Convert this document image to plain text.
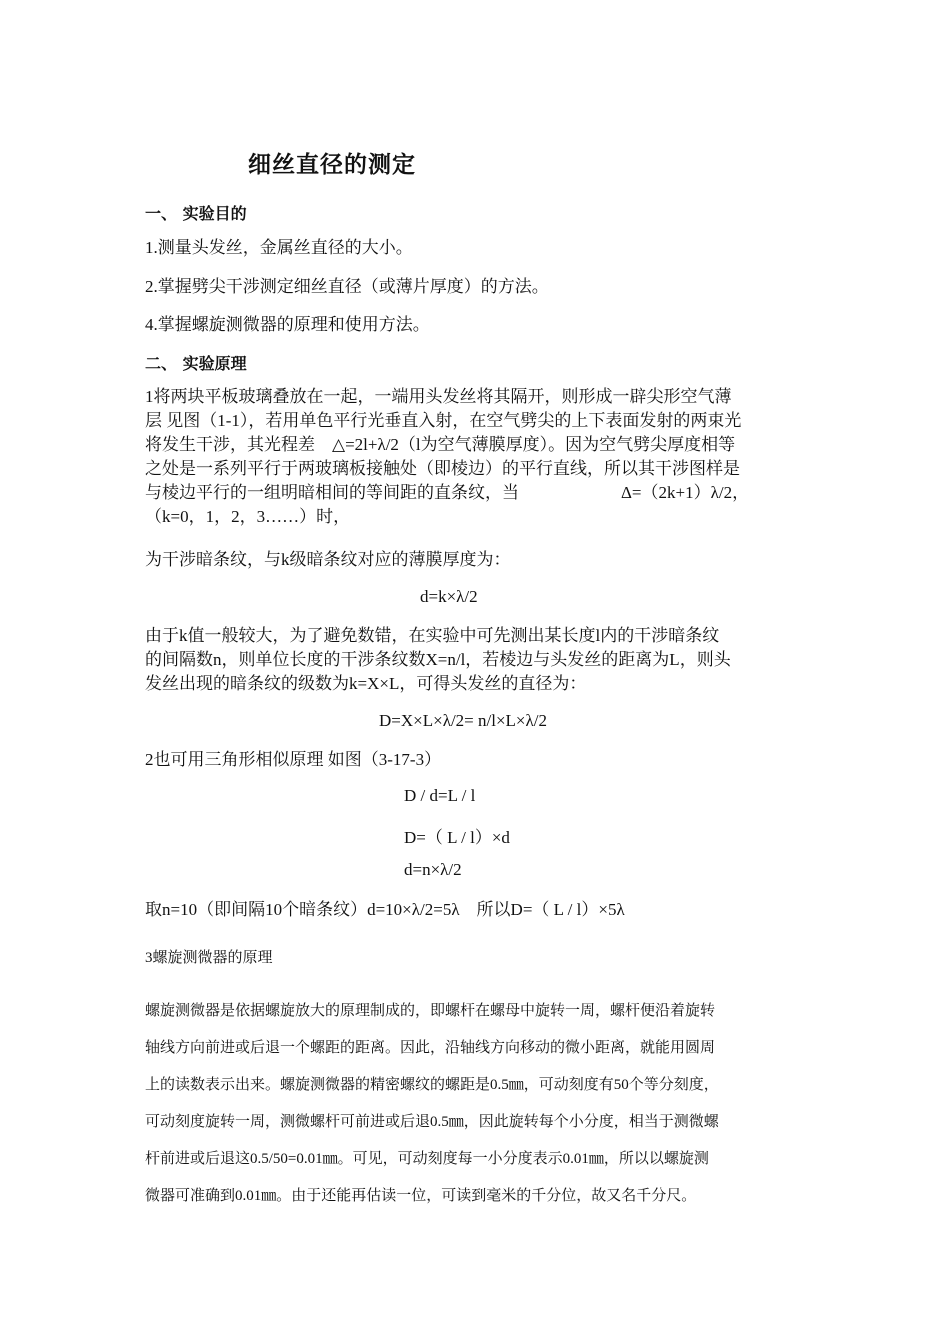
细丝直径的测定
一、 实验目的
1.测量头发丝，金属丝直径的大小。
2.掌握劈尖干涉测定细丝直径（或薄片厚度）的方法。
4.掌握螺旋测微器的原理和使用方法。
二、 实验原理
1将两块平板玻璃叠放在一起，一端用头发丝将其隔开，则形成一辟尖形空气薄
层 见图（1-1），若用单色平行光垂直入射，在空气劈尖的上下表面发射的两束光
将发生干涉，其光程差　△=2l+λ/2（l为空气薄膜厚度）。因为空气劈尖厚度相等
之处是一系列平行于两玻璃板接触处（即棱边）的平行直线，所以其干涉图样是
与棱边平行的一组明暗相间的等间距的直条纹，当　　　　　　Δ=（2k+1）λ/2，
（k=0，1，2，3……）时，
为干涉暗条纹，与k级暗条纹对应的薄膜厚度为：
d=k×λ/2
由于k值一般较大，为了避免数错，在实验中可先测出某长度l内的干涉暗条纹
的间隔数n，则单位长度的干涉条纹数X=n/l，若棱边与头发丝的距离为L，则头
发丝出现的暗条纹的级数为k=X×L，可得头发丝的直径为：
D=X×L×λ/2= n/l×L×λ/2
2也可用三角形相似原理 如图（3-17-3）
D / d=L / l
D=（ L / l）×d
d=n×λ/2
取n=10（即间隔10个暗条纹）d=10×λ/2=5λ　所以D=（ L / l）×5λ
3螺旋测微器的原理
螺旋测微器是依据螺旋放大的原理制成的，即螺杆在螺母中旋转一周，螺杆便沿着旋转
轴线方向前进或后退一个螺距的距离。因此，沿轴线方向移动的微小距离，就能用圆周
上的读数表示出来。螺旋测微器的精密螺纹的螺距是0.5㎜，可动刻度有50个等分刻度，
可动刻度旋转一周，测微螺杆可前进或后退0.5㎜，因此旋转每个小分度，相当于测微螺
杆前进或后退这0.5/50=0.01㎜。可见，可动刻度每一小分度表示0.01㎜，所以以螺旋测
微器可准确到0.01㎜。由于还能再估读一位，可读到毫米的千分位，故又名千分尺。
